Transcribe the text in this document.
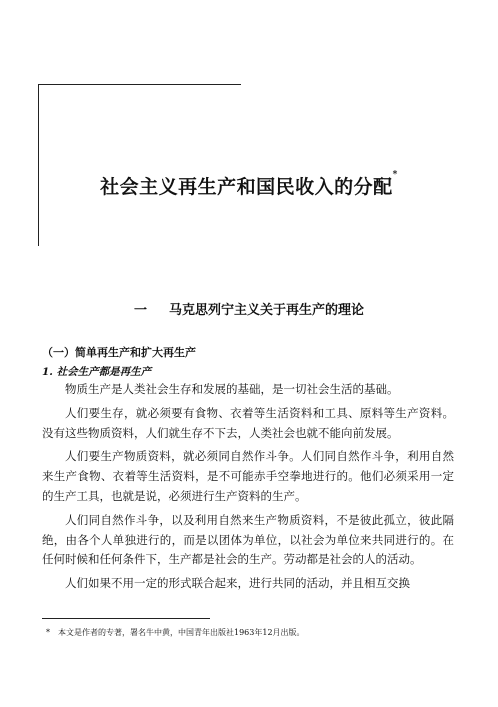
社会主义再生产和国民收入的分配*
一 马克思列宁主义关于再生产的理论
（一）简单再生产和扩大再生产
1. 社会生产都是再生产

物质生产是人类社会生存和发展的基础，是一切社会生活的基础。

人们要生存，就必须要有食物、衣着等生活资料和工具、原料等生产资料。没有这些物质资料，人们就生存不下去，人类社会也就不能向前发展。

人们要生产物质资料，就必须同自然作斗争。人们同自然作斗争，利用自然来生产食物、衣着等生活资料，是不可能赤手空拳地进行的。他们必须采用一定的生产工具，也就是说，必须进行生产资料的生产。

人们同自然作斗争，以及利用自然来生产物质资料，不是彼此孤立，彼此隔绝，由各个人单独进行的，而是以团体为单位，以社会为单位来共同进行的。在任何时候和任何条件下，生产都是社会的生产。劳动都是社会的人的活动。

人们如果不用一定的形式联合起来，进行共同的活动，并且相互交换

* 本文是作者的专著，署名牛中黄，中国青年出版社1963年12月出版。
